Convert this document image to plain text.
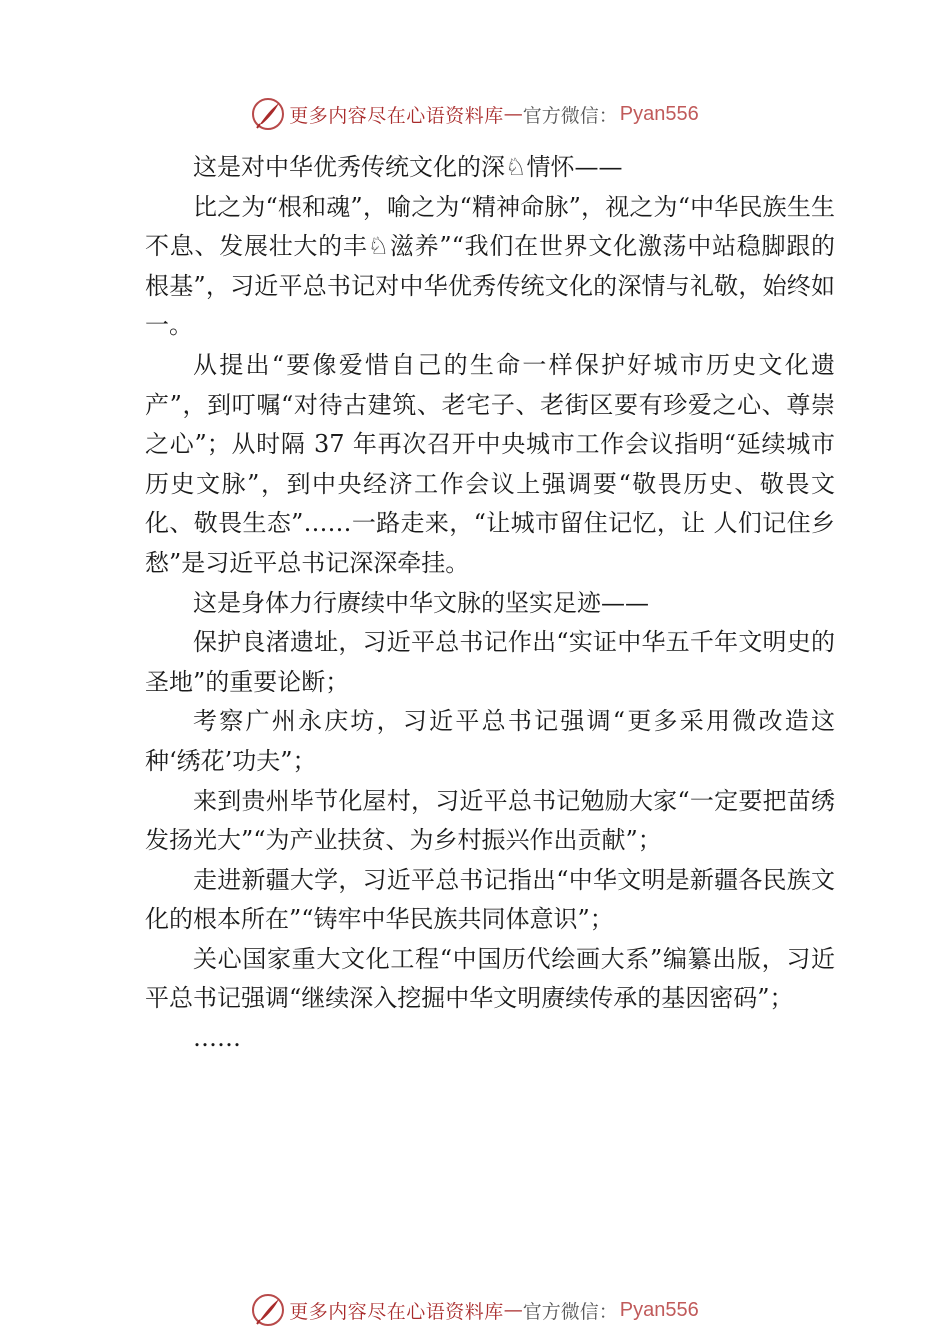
更多内容尽在心语资料库 — 官方微信： Pyan556

这是对中华优秀传统文化的深♘情怀——

比之为“根和魂”，喻之为“精神命脉”，视之为“中华民族生生不息、发展壮大的丰♘滋养”“我们在世界文化激荡中站稳脚跟的根基”，习近平总书记对中华优秀传统文化的深情与礼敬，始终如一。

从提出“要像爱惜自己的生命一样保护好城市历史文化遗产”，到叮嘱“对待古建筑、老宅子、老街区要有珍爱之心、尊崇之心”；从时隔 37 年再次召开中央城市工作会议指明“延续城市历史文脉”，到中央经济工作会议上强调要“敬畏历史、敬畏文化、敬畏生态”……一路走来，“让城市留住记忆，让 人们记住乡愁”是习近平总书记深深牵挂。

这是身体力行赓续中华文脉的坚实足迹——

保护良渚遗址，习近平总书记作出“实证中华五千年文明史的圣地”的重要论断；

考察广州永庆坊，习近平总书记强调“更多采用微改造这种‘绣花’功夫”；

来到贵州毕节化屋村，习近平总书记勉励大家“一定要把苗绣发扬光大”“为产业扶贫、为乡村振兴作出贡献”；

走进新疆大学，习近平总书记指出“中华文明是新疆各民族文化的根本所在”“铸牢中华民族共同体意识”；

关心国家重大文化工程“中国历代绘画大系”编纂出版，习近平总书记强调“继续深入挖掘中华文明赓续传承的基因密码”；

……

更多内容尽在心语资料库 — 官方微信： Pyan556
